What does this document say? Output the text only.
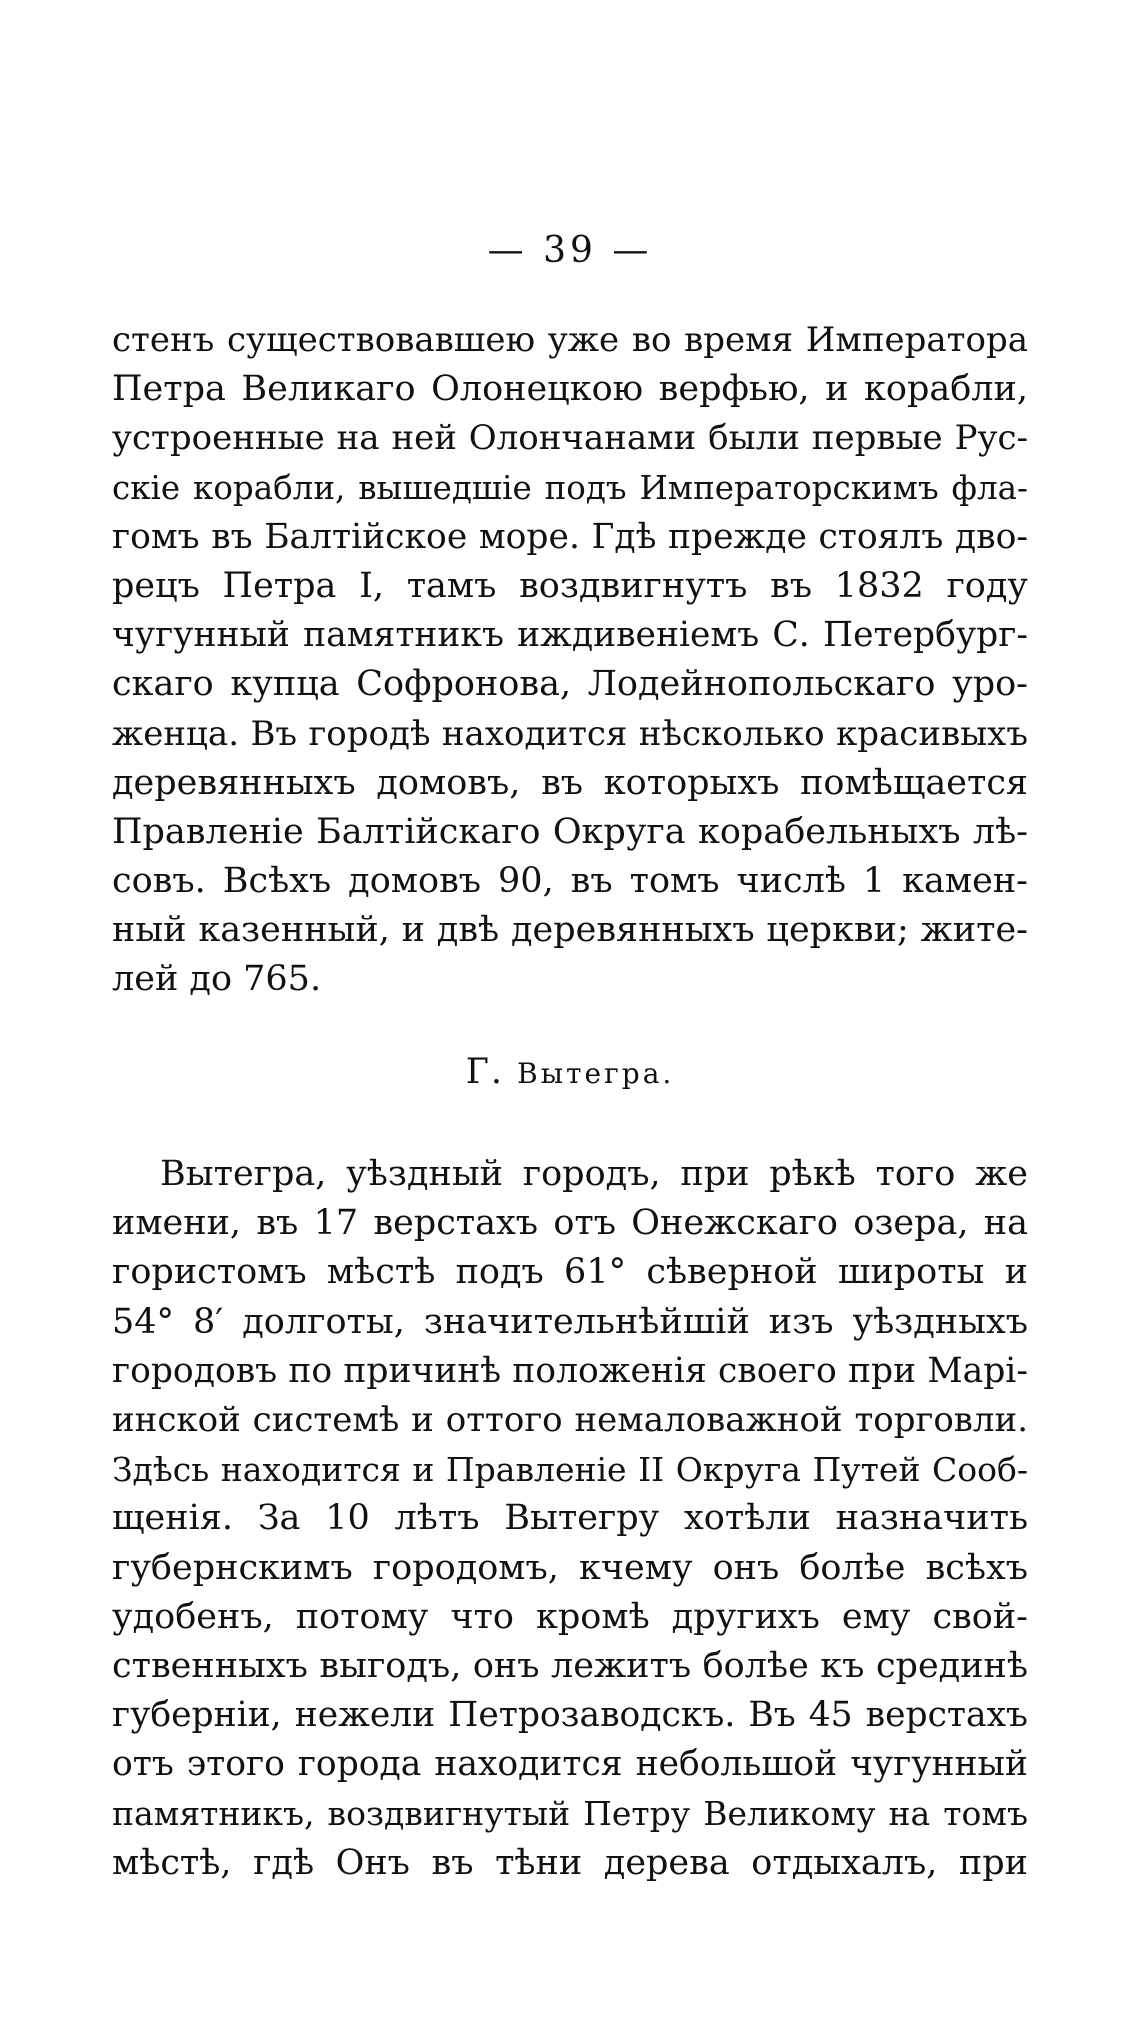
— 39 —
стенъ существовавшею уже во время Императора
Петра Великаго Олонецкою верфью, и корабли,
устроенные на ней Олончанами были первые Рус-
скіе корабли, вышедшіе подъ Императорскимъ фла-
гомъ въ Балтійское море. Гдѣ прежде стоялъ дво-
рецъ Петра I, тамъ воздвигнутъ въ 1832 году
чугунный памятникъ иждивеніемъ С. Петербург-
скаго купца Софронова, Лодейнопольскаго уро-
женца. Въ городѣ находится нѣсколько красивыхъ
деревянныхъ домовъ, въ которыхъ помѣщается
Правленіе Балтійскаго Округа корабельныхъ лѣ-
совъ. Всѣхъ домовъ 90, въ томъ числѣ 1 камен-
ный казенный, и двѣ деревянныхъ церкви; жите-
лей до 765.
Г. Вытегра.
Вытегра, уѣздный городъ, при рѣкѣ того же
имени, въ 17 верстахъ отъ Онежскаго озера, на
гористомъ мѣстѣ подъ 61° сѣверной широты и
54° 8′ долготы, значительнѣйшій изъ уѣздныхъ
городовъ по причинѣ положенія своего при Марі-
инской системѣ и оттого немаловажной торговли.
Здѣсь находится и Правленіе II Округа Путей Сооб-
щенія. За 10 лѣтъ Вытегру хотѣли назначить
губернскимъ городомъ, кчему онъ болѣе всѣхъ
удобенъ, потому что кромѣ другихъ ему свой-
ственныхъ выгодъ, онъ лежитъ болѣе къ срединѣ
губерніи, нежели Петрозаводскъ. Въ 45 верстахъ
отъ этого города находится небольшой чугунный
памятникъ, воздвигнутый Петру Великому на томъ
мѣстѣ, гдѣ Онъ въ тѣни дерева отдыхалъ, при
